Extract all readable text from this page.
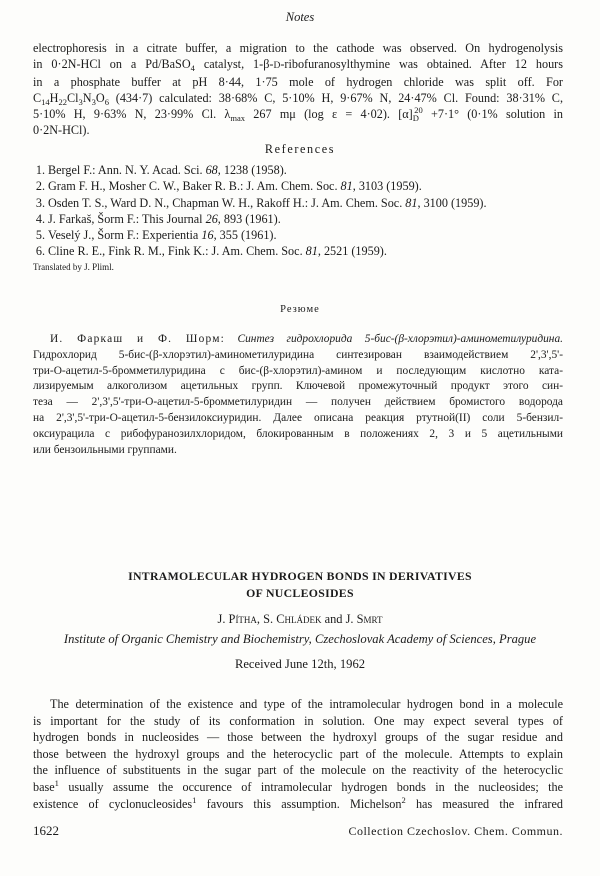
Notes
electrophoresis in a citrate buffer, a migration to the cathode was observed. On hydrogenolysis
in 0·2N-HCl on a Pd/BaSO$_4$ catalyst, 1-β-D-ribofuranosylthymine was obtained. After 12 hours
in a phosphate buffer at pH 8·44, 1·75 mole of hydrogen chloride was split off. For
$C_{14}H_{22}Cl_3N_3O_6$ (434·7) calculated: 38·68% C, 5·10% H, 9·67% N, 24·47% Cl. Found: 38·31% C,
5·10% H, 9·63% N, 23·99% Cl. $\lambda_{max}$ 267 mμ (log ε = 4·02). $[\alpha]_D^{20} +7\cdot 1^\circ$ (0·1% solution in
0·2N-HCl).
References
1. Bergel F.: Ann. N. Y. Acad. Sci. 68, 1238 (1958).
2. Gram F. H., Mosher C. W., Baker R. B.: J. Am. Chem. Soc. 81, 3103 (1959).
3. Osden T. S., Ward D. N., Chapman W. H., Rakoff H.: J. Am. Chem. Soc. 81, 3100 (1959).
4. J. Farkaš, Šorm F.: This Journal 26, 893 (1961).
5. Veselý J., Šorm F.: Experientia 16, 355 (1961).
6. Cline R. E., Fink R. M., Fink K.: J. Am. Chem. Soc. 81, 2521 (1959).
Translated by J. Pliml.
Резюме
И. Фаркаш и Ф. Шорм: Синтез гидрохлорида 5-бис-(β-хлорэтил)-аминометилуридина.
Гидрохлорид 5-бис-(β-хлорэтил)-аминометилуридина синтезирован взаимодействием 2',3',5'-
три-О-ацетил-5-бромметилуридина с бис-(β-хлорэтил)-амином и последующим кислотно ката-
лизируемым алкоголизом ацетильных групп. Ключевой промежуточный продукт этого син-
теза — 2',3',5'-три-О-ацетил-5-бромметилуридин — получен действием бромистого водорода
на 2',3',5'-три-О-ацетил-5-бензилоксиуридин. Далее описана реакция ртутной(II) соли 5-бензил-
оксиурацила с рибофуранозилхлоридом, блокированным в положениях 2, 3 и 5 ацетильными
или бензоильными группами.
INTRAMOLECULAR HYDROGEN BONDS IN DERIVATIVES
OF NUCLEOSIDES
J. Pítha, S. Chládek and J. Smrt
Institute of Organic Chemistry and Biochemistry, Czechoslovak Academy of Sciences, Prague
Received June 12th, 1962
The determination of the existence and type of the intramolecular hydrogen bond in a molecule
is important for the study of its conformation in solution. One may expect several types of
hydrogen bonds in nucleosides — those between the hydroxyl groups of the sugar residue and
those between the hydroxyl groups and the heterocyclic part of the molecule. Attempts to explain
the influence of substituents in the sugar part of the molecule on the reactivity of the heterocyclic
base$^1$ usually assume the occurence of intramolecular hydrogen bonds in the nucleosides; the
existence of cyclonucleosides$^1$ favours this assumption. Michelson$^2$ has measured the infrared
1622	Collection Czechoslov. Chem. Commun.
